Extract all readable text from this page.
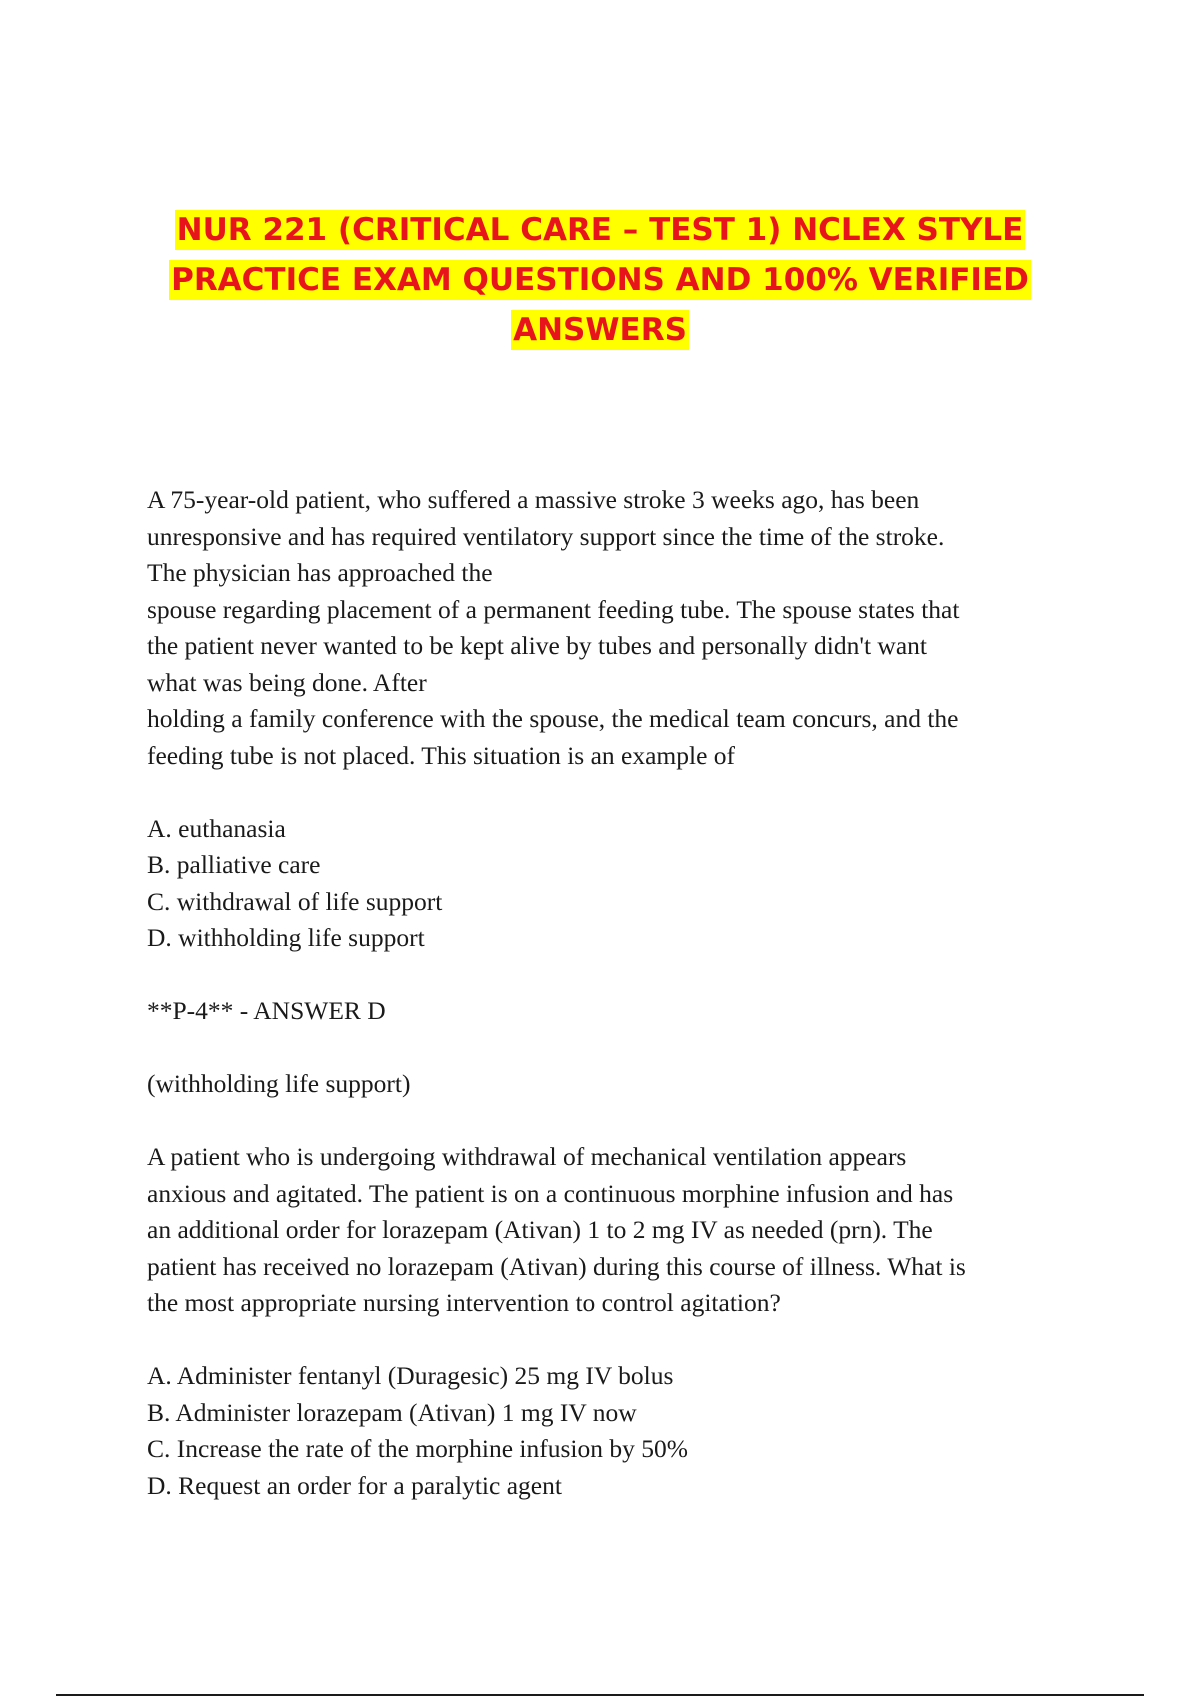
NUR 221 (CRITICAL CARE – TEST 1) NCLEX STYLE
PRACTICE EXAM QUESTIONS AND 100% VERIFIED
ANSWERS
A 75-year-old patient, who suffered a massive stroke 3 weeks ago, has been
unresponsive and has required ventilatory support since the time of the stroke.
The physician has approached the
spouse regarding placement of a permanent feeding tube. The spouse states that
the patient never wanted to be kept alive by tubes and personally didn't want
what was being done. After
holding a family conference with the spouse, the medical team concurs, and the
feeding tube is not placed. This situation is an example of
A. euthanasia
B. palliative care
C. withdrawal of life support
D. withholding life support
**P-4** - ANSWER D
(withholding life support)
A patient who is undergoing withdrawal of mechanical ventilation appears
anxious and agitated. The patient is on a continuous morphine infusion and has
an additional order for lorazepam (Ativan) 1 to 2 mg IV as needed (prn). The
patient has received no lorazepam (Ativan) during this course of illness. What is
the most appropriate nursing intervention to control agitation?
A. Administer fentanyl (Duragesic) 25 mg IV bolus
B. Administer lorazepam (Ativan) 1 mg IV now
C. Increase the rate of the morphine infusion by 50%
D. Request an order for a paralytic agent
